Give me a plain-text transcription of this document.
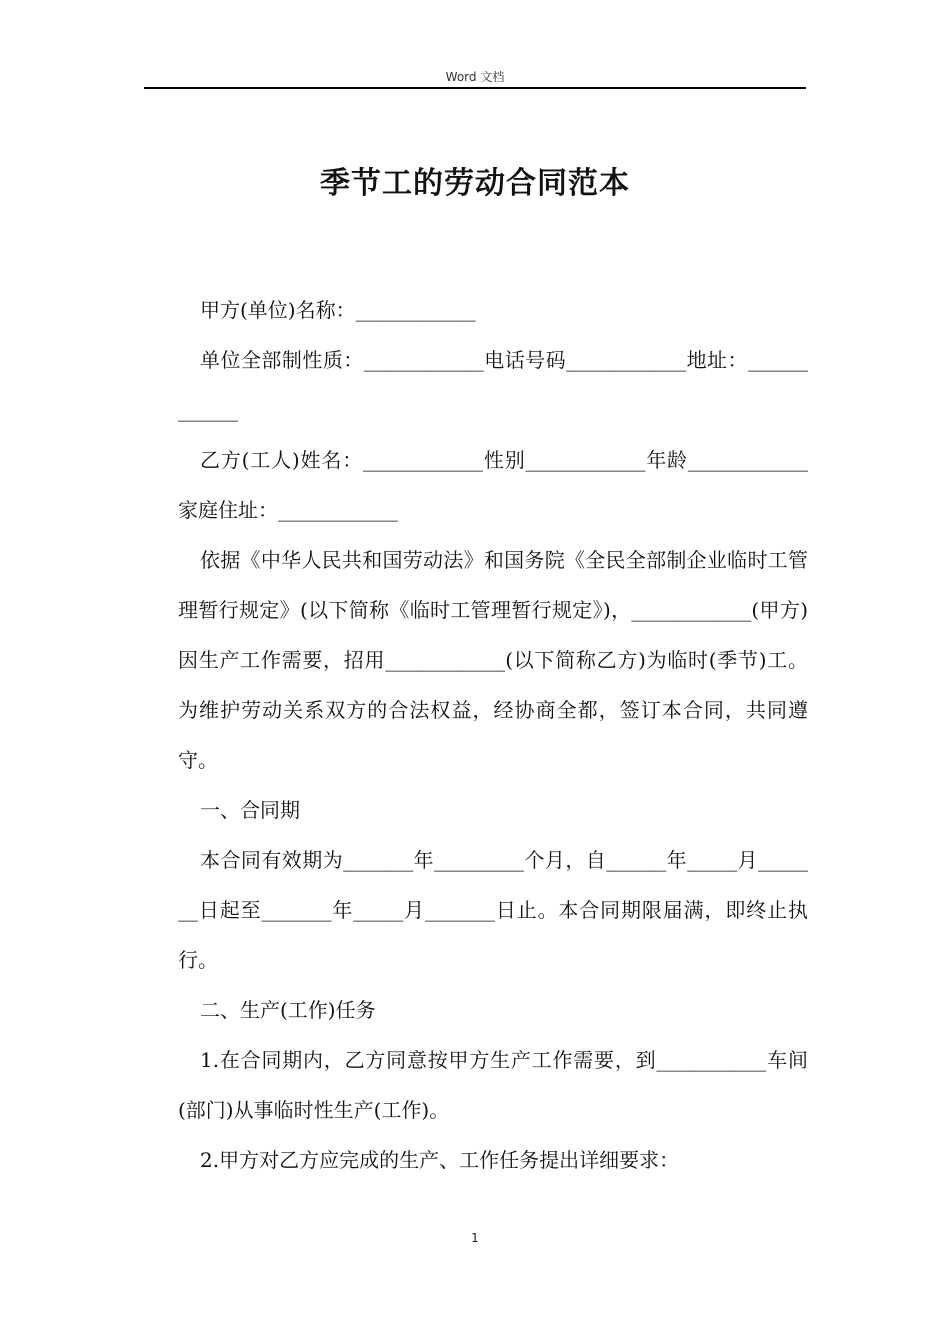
Word 文档
季节工的劳动合同范本

甲方(单位)名称：____________

单位全部制性质：____________电话号码____________地址：____________

乙方(工人)姓名：____________性别____________年龄____________家庭住址：____________

依据《中华人民共和国劳动法》和国务院《全民全部制企业临时工管理暂行规定》(以下简称《临时工管理暂行规定》)，____________(甲方)因生产工作需要，招用____________(以下简称乙方)为临时(季节)工。为维护劳动关系双方的合法权益，经协商全都，签订本合同，共同遵守。

一、合同期

本合同有效期为_______年_________个月，自______年_____月_______日起至_______年_____月_______日止。本合同期限届满，即终止执行。

二、生产(工作)任务

1.在合同期内，乙方同意按甲方生产工作需要，到___________车间(部门)从事临时性生产(工作)。

2.甲方对乙方应完成的生产、工作任务提出详细要求：

1
